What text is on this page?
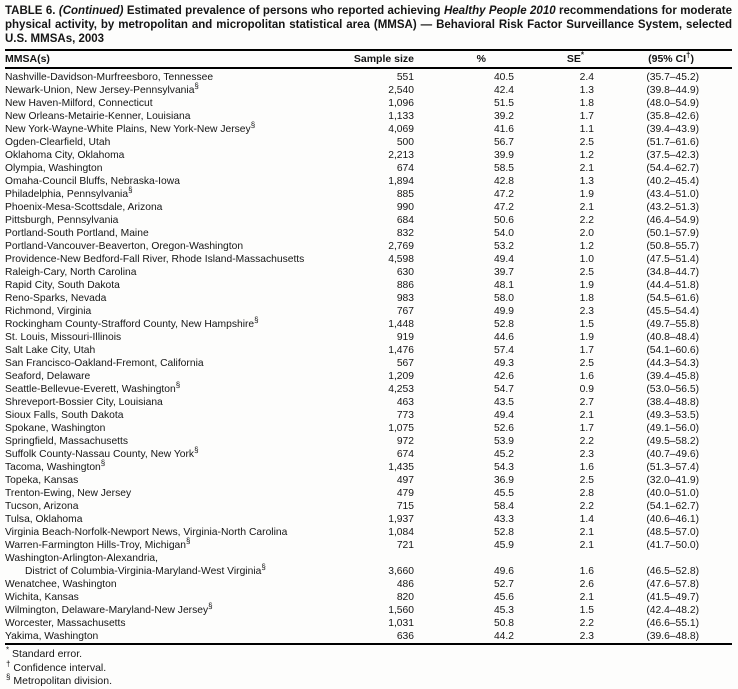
TABLE 6. (Continued) Estimated prevalence of persons who reported achieving Healthy People 2010 recommendations for moderate physical activity, by metropolitan and micropolitan statistical area (MMSA) — Behavioral Risk Factor Surveillance System, selected U.S. MMSAs, 2003

MMSA(s)	Sample size	%	SE*	(95% CI†)
Nashville-Davidson-Murfreesboro, Tennessee	551	40.5	2.4	(35.7–45.2)
Newark-Union, New Jersey-Pennsylvania§	2,540	42.4	1.3	(39.8–44.9)
New Haven-Milford, Connecticut	1,096	51.5	1.8	(48.0–54.9)
New Orleans-Metairie-Kenner, Louisiana	1,133	39.2	1.7	(35.8–42.6)
New York-Wayne-White Plains, New York-New Jersey§	4,069	41.6	1.1	(39.4–43.9)
Ogden-Clearfield, Utah	500	56.7	2.5	(51.7–61.6)
Oklahoma City, Oklahoma	2,213	39.9	1.2	(37.5–42.3)
Olympia, Washington	674	58.5	2.1	(54.4–62.7)
Omaha-Council Bluffs, Nebraska-Iowa	1,894	42.8	1.3	(40.2–45.4)
Philadelphia, Pennsylvania§	885	47.2	1.9	(43.4–51.0)
Phoenix-Mesa-Scottsdale, Arizona	990	47.2	2.1	(43.2–51.3)
Pittsburgh, Pennsylvania	684	50.6	2.2	(46.4–54.9)
Portland-South Portland, Maine	832	54.0	2.0	(50.1–57.9)
Portland-Vancouver-Beaverton, Oregon-Washington	2,769	53.2	1.2	(50.8–55.7)
Providence-New Bedford-Fall River, Rhode Island-Massachusetts	4,598	49.4	1.0	(47.5–51.4)
Raleigh-Cary, North Carolina	630	39.7	2.5	(34.8–44.7)
Rapid City, South Dakota	886	48.1	1.9	(44.4–51.8)
Reno-Sparks, Nevada	983	58.0	1.8	(54.5–61.6)
Richmond, Virginia	767	49.9	2.3	(45.5–54.4)
Rockingham County-Strafford County, New Hampshire§	1,448	52.8	1.5	(49.7–55.8)
St. Louis, Missouri-Illinois	919	44.6	1.9	(40.8–48.4)
Salt Lake City, Utah	1,476	57.4	1.7	(54.1–60.6)
San Francisco-Oakland-Fremont, California	567	49.3	2.5	(44.3–54.3)
Seaford, Delaware	1,209	42.6	1.6	(39.4–45.8)
Seattle-Bellevue-Everett, Washington§	4,253	54.7	0.9	(53.0–56.5)
Shreveport-Bossier City, Louisiana	463	43.5	2.7	(38.4–48.8)
Sioux Falls, South Dakota	773	49.4	2.1	(49.3–53.5)
Spokane, Washington	1,075	52.6	1.7	(49.1–56.0)
Springfield, Massachusetts	972	53.9	2.2	(49.5–58.2)
Suffolk County-Nassau County, New York§	674	45.2	2.3	(40.7–49.6)
Tacoma, Washington§	1,435	54.3	1.6	(51.3–57.4)
Topeka, Kansas	497	36.9	2.5	(32.0–41.9)
Trenton-Ewing, New Jersey	479	45.5	2.8	(40.0–51.0)
Tucson, Arizona	715	58.4	2.2	(54.1–62.7)
Tulsa, Oklahoma	1,937	43.3	1.4	(40.6–46.1)
Virginia Beach-Norfolk-Newport News, Virginia-North Carolina	1,084	52.8	2.1	(48.5–57.0)
Warren-Farmington Hills-Troy, Michigan§	721	45.9	2.1	(41.7–50.0)
Washington-Arlington-Alexandria,				
District of Columbia-Virginia-Maryland-West Virginia§	3,660	49.6	1.6	(46.5–52.8)
Wenatchee, Washington	486	52.7	2.6	(47.6–57.8)
Wichita, Kansas	820	45.6	2.1	(41.5–49.7)
Wilmington, Delaware-Maryland-New Jersey§	1,560	45.3	1.5	(42.4–48.2)
Worcester, Massachusetts	1,031	50.8	2.2	(46.6–55.1)
Yakima, Washington	636	44.2	2.3	(39.6–48.8)
* Standard error.
† Confidence interval.
§ Metropolitan division.
